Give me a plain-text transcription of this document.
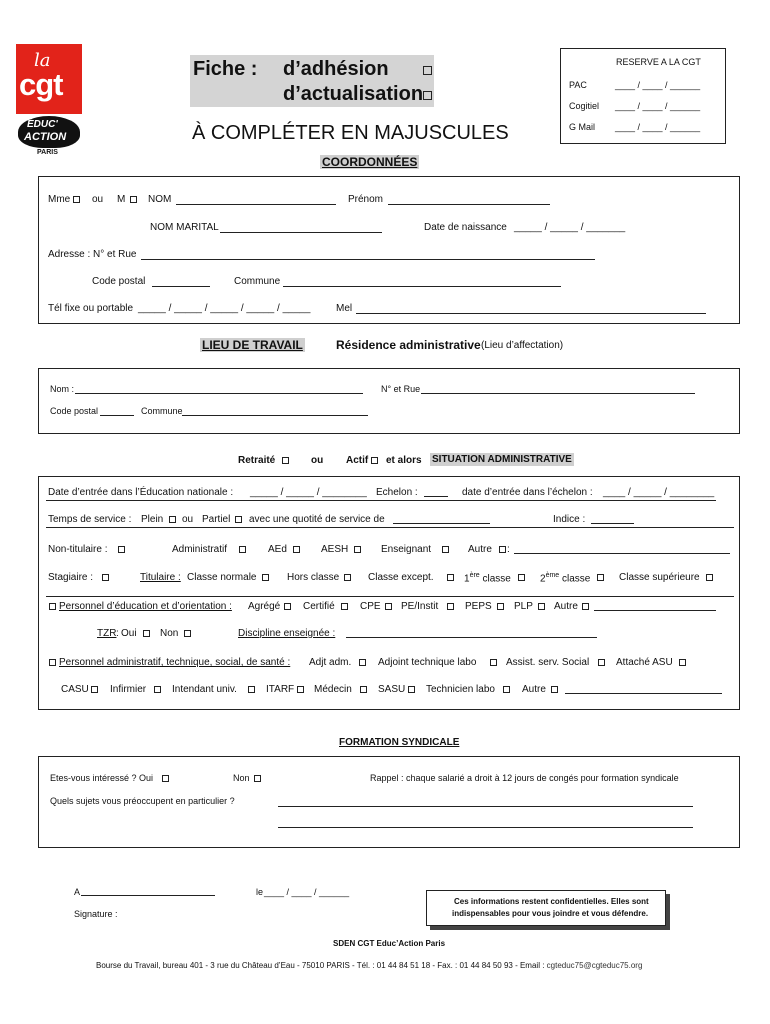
la
cgt
ÉDUC'
ACTION
PARIS
Fiche : d’adhésion
d’actualisation
À COMPLÉTER EN MAJUSCULES
RESERVE A LA CGT
PAC	____ / ____ / ______
Cogitiel ____ / ____ / ______
G Mail ____ / ____ / ______
COORDONNÉES
Mme ou M NOM	Prénom
NOM MARITAL	Date de naissance _____ / _____ / _______
Adresse : N° et Rue
Code postal	Commune
Tél fixe ou portable _____ / _____ / _____ / _____ / _____	Mel
LIEU DE TRAVAIL	Résidence administrative (Lieu d’affectation)
Nom :	N° et Rue
Code postal	Commune
Retraité	ou Actif et alors SITUATION ADMINISTRATIVE
Date d’entrée dans l’Éducation nationale : _____ / _____ / ________ Echelon :	date d’entrée dans l’échelon : ____ / _____ / ________
Temps de service : Plein ou Partiel avec une quotité de service de	Indice :
Non-titulaire :	Administratif	AEd	AESH	Enseignant	Autre :
Stagiaire :	Titulaire : Classe normale	Hors classe	Classe except.	1ère classe	2ème classe	Classe supérieure
Personnel d’éducation et d’orientation : Agrégé Certifié	CPE PE/Instit	PEPS PLP Autre
TZR : Oui Non	Discipline enseignée :
Personnel administratif, technique, social, de santé : Adjt adm.	Adjoint technique labo	Assist. serv. Social	Attaché ASU
CASU Infirmier	Intendant univ.	ITARF Médecin	SASU Technicien labo	Autre
FORMATION SYNDICALE
Etes-vous intéressé ? Oui	Non	Rappel : chaque salarié a droit à 12 jours de congés pour formation syndicale
Quels sujets vous préoccupent en particulier ?
A	le ____ / ____ / ______
Signature :
Ces informations restent confidentielles. Elles sont
indispensables pour vous joindre et vous défendre.
SDEN CGT Educ’Action Paris
Bourse du Travail, bureau 401 - 3 rue du Château d’Eau - 75010 PARIS - Tél. : 01 44 84 51 18 - Fax. : 01 44 84 50 93 - Email : cgteduc75@cgteduc75.org
